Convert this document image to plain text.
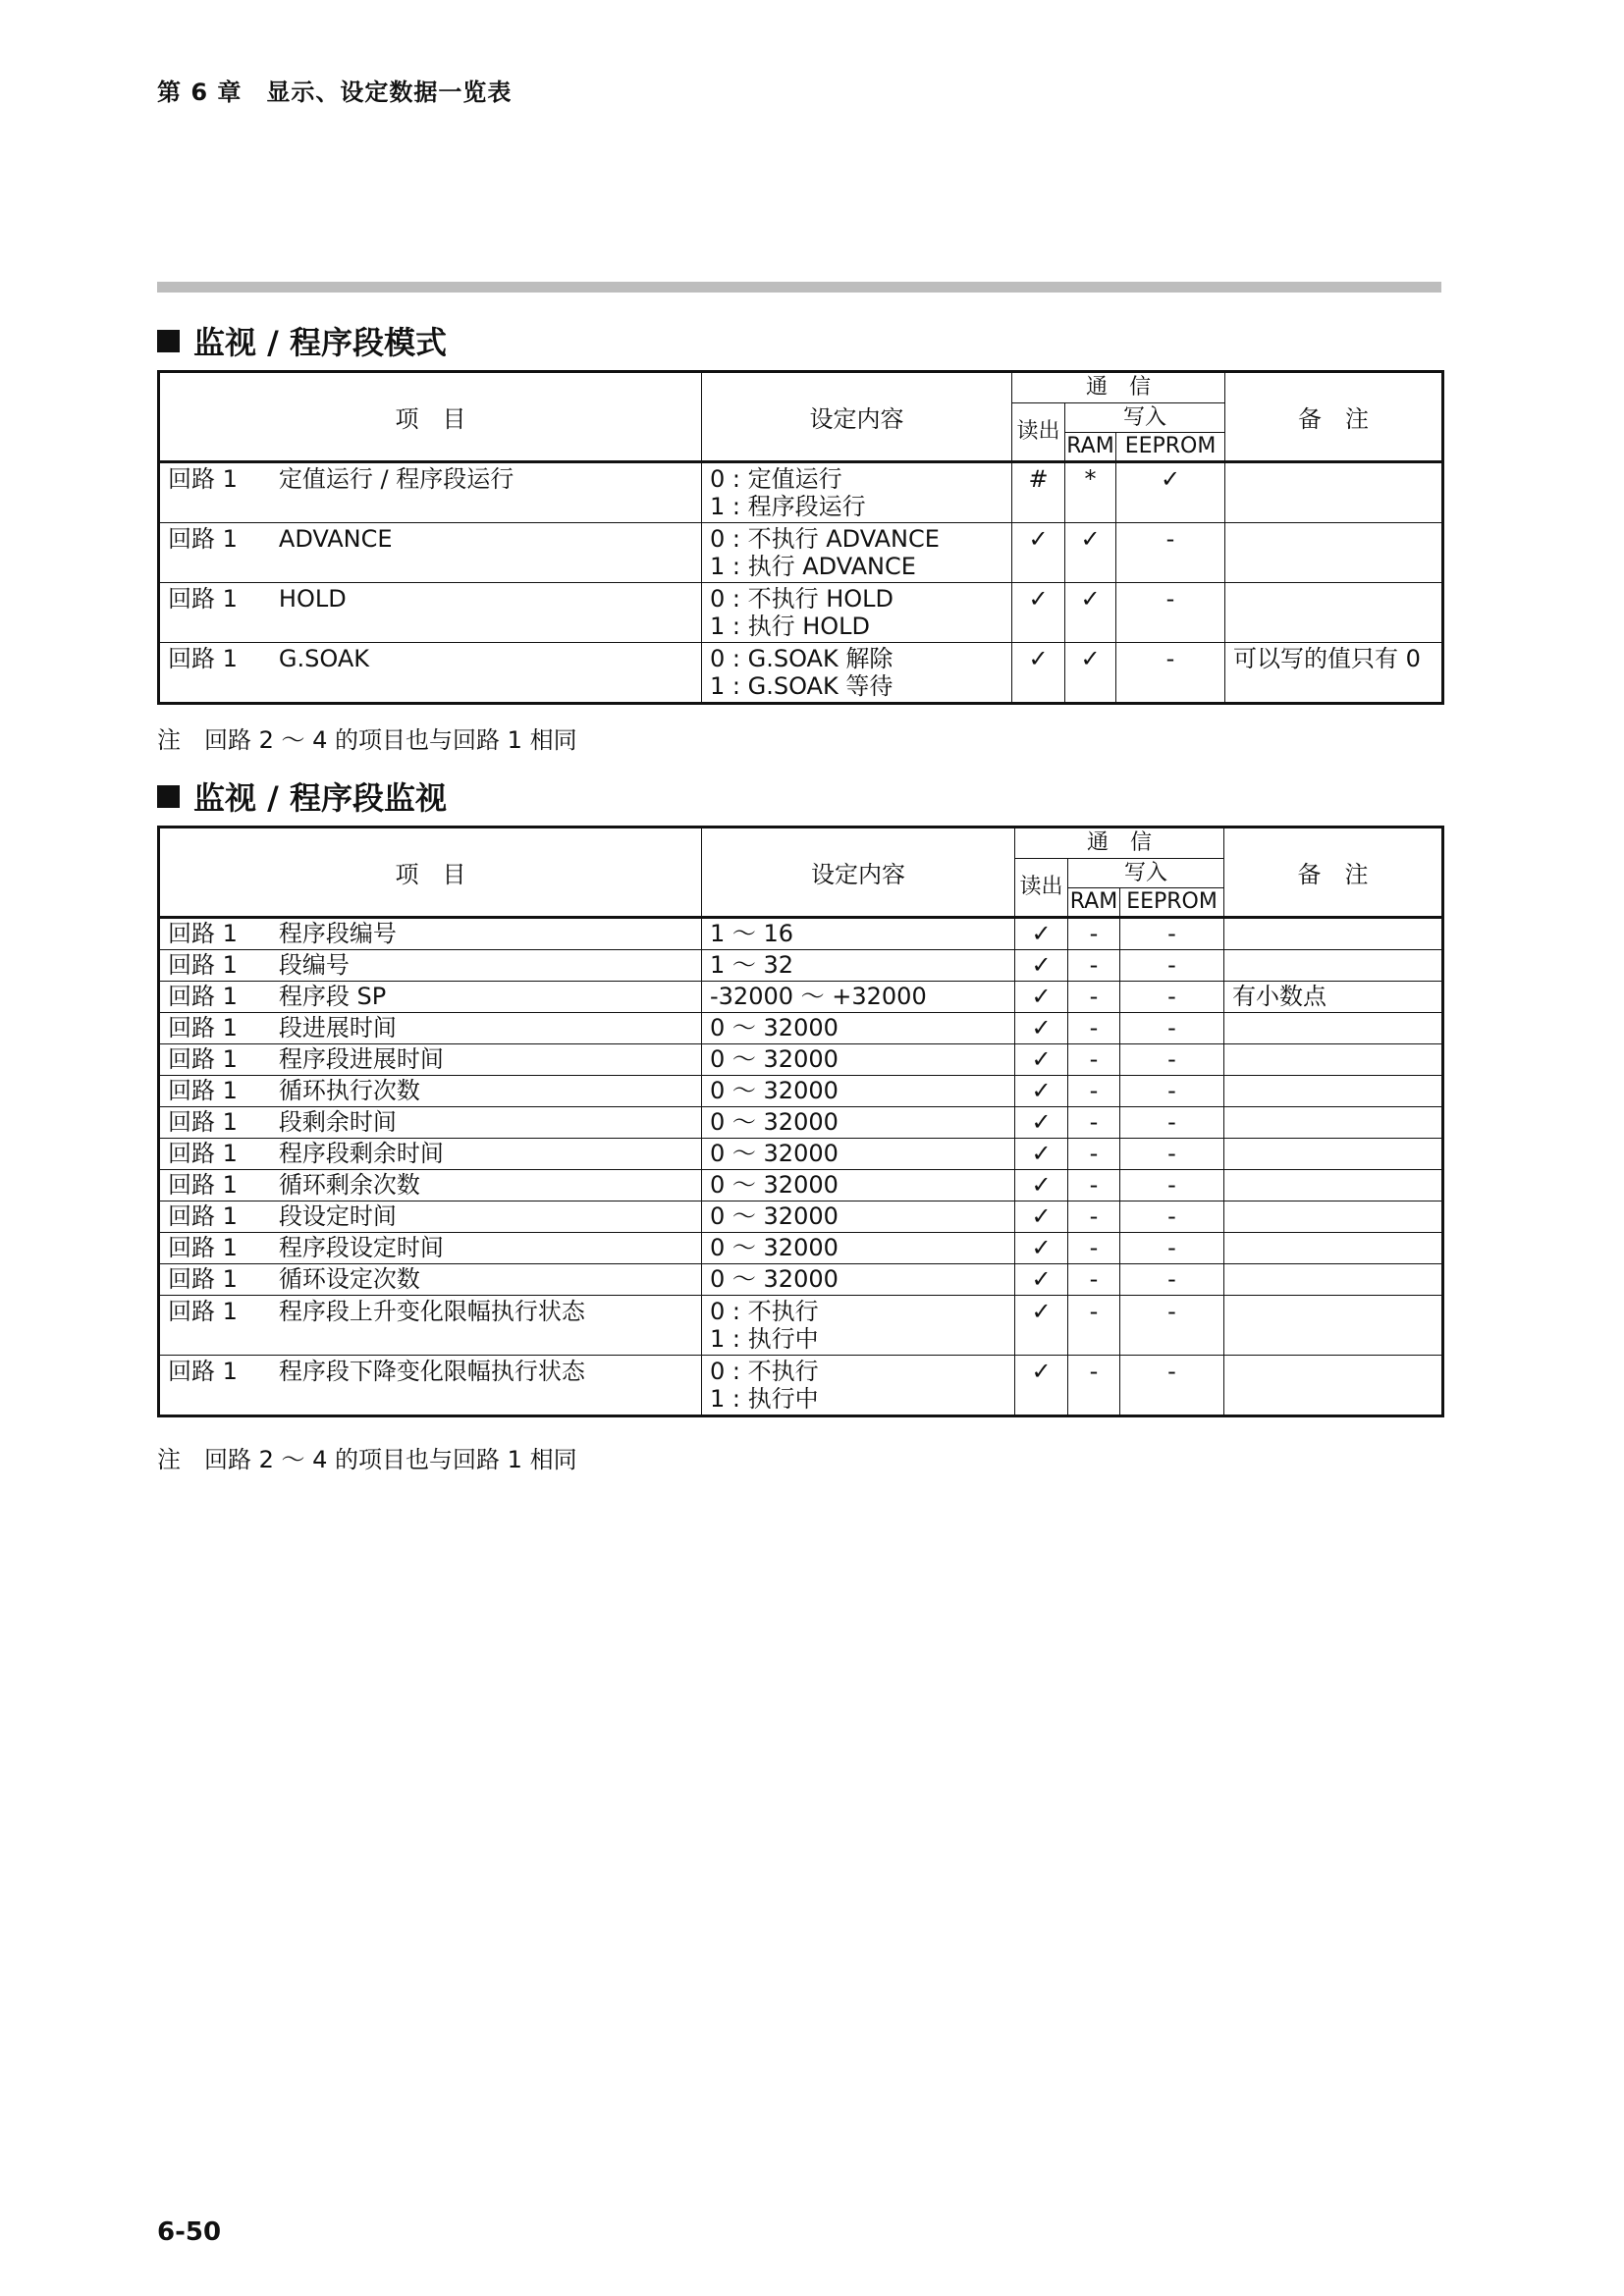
第 6 章　显示、设定数据一览表
监视 / 程序段模式
项　目	设定内容	通　信			备　注
		读出	写入		
			RAM	EEPROM	
回路 1 定值运行 / 程序段运行	0 : 定值运行
1 : 程序段运行	#	*	✓	
回路 1 ADVANCE	0 : 不执行 ADVANCE
1 : 执行 ADVANCE	✓	✓	-	
回路 1 HOLD	0 : 不执行 HOLD
1 : 执行 HOLD	✓	✓	-	
回路 1 G.SOAK	0 : G.SOAK 解除
1 : G.SOAK 等待	✓	✓	-	可以写的值只有 0
注　回路 2 ～ 4 的项目也与回路 1 相同
监视 / 程序段监视
项　目	设定内容	通　信			备　注
		读出	写入		
			RAM	EEPROM	
回路 1 程序段编号	1 ～ 16	✓	-	-	
回路 1 段编号	1 ～ 32	✓	-	-	
回路 1 程序段 SP	-32000 ～ +32000	✓	-	-	有小数点
回路 1 段进展时间	0 ～ 32000	✓	-	-	
回路 1 程序段进展时间	0 ～ 32000	✓	-	-	
回路 1 循环执行次数	0 ～ 32000	✓	-	-	
回路 1 段剩余时间	0 ～ 32000	✓	-	-	
回路 1 程序段剩余时间	0 ～ 32000	✓	-	-	
回路 1 循环剩余次数	0 ～ 32000	✓	-	-	
回路 1 段设定时间	0 ～ 32000	✓	-	-	
回路 1 程序段设定时间	0 ～ 32000	✓	-	-	
回路 1 循环设定次数	0 ～ 32000	✓	-	-	
回路 1 程序段上升变化限幅执行状态	0 : 不执行
1 : 执行中	✓	-	-	
回路 1 程序段下降变化限幅执行状态	0 : 不执行
1 : 执行中	✓	-	-	
注　回路 2 ～ 4 的项目也与回路 1 相同
6-50
